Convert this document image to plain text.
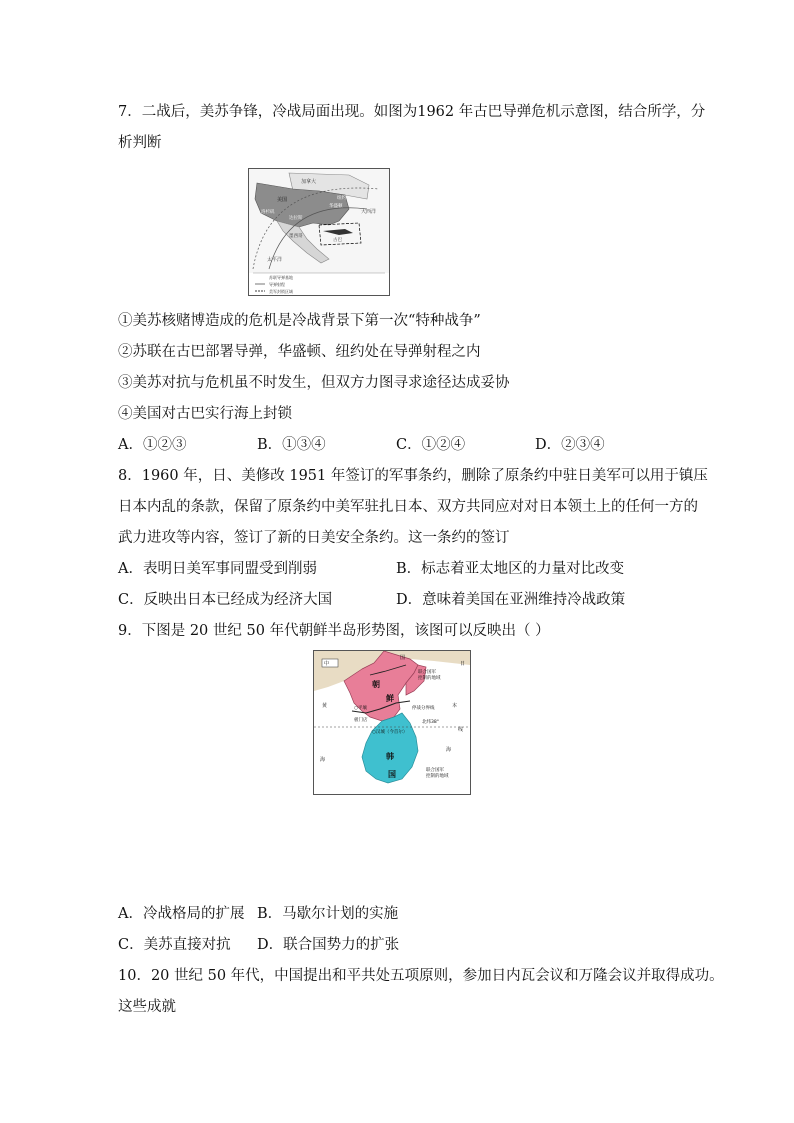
7．二战后，美苏争锋，冷战局面出现。如图为1962 年古巴导弹危机示意图，结合所学，分
析判断
加拿大
美国
洛杉矶
华盛顿
纽约
达拉斯
大西洋
墨西哥
古巴
太平洋
苏联导弹基地
导弹射程
美军封锁区域
①美苏核赌博造成的危机是冷战背景下第一次“特种战争”
②苏联在古巴部署导弹，华盛顿、纽约处在导弹射程之内
③美苏对抗与危机虽不时发生，但双方力图寻求途径达成妥协
④美国对古巴实行海上封锁
A．①②③	B．①③④	C．①②④	D．②③④
8．1960 年，日、美修改 1951 年签订的军事条约，删除了原条约中驻日美军可以用于镇压
日本内乱的条款，保留了原条约中美军驻扎日本、双方共同应对对日本领土上的任何一方的
武力进攻等内容，签订了新的日美安全条约。这一条约的签订
A．表明日美军事同盟受到削弱	B．标志着亚太地区的力量对比改变
C．反映出日本已经成为经济大国	D．意味着美国在亚洲维持冷战政策
9．下图是 20 世纪 50 年代朝鲜半岛形势图，该图可以反映出（ ）
中
国
日
联合国军
控制的地域
朝
鲜
黄	本
○平壤	停战分界线
板门店	北纬38°
线
○汉城（今首尔）
海
海	韩
国	联合国军
控制的地域
A．冷战格局的扩展 B．马歇尔计划的实施
C．美苏直接对抗 D．联合国势力的扩张
10．20 世纪 50 年代，中国提出和平共处五项原则，参加日内瓦会议和万隆会议并取得成功。
这些成就
